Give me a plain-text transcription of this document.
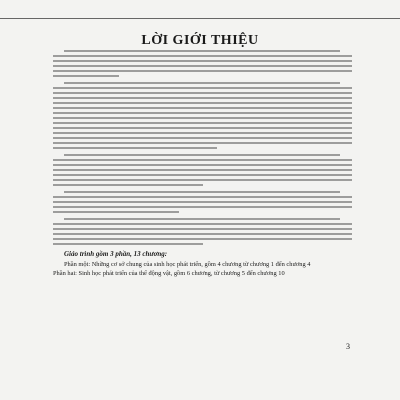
LỜI GIỚI THIỆU
Giáo trình gồm 3 phần, 13 chương:
Phần một: Những cơ sở chung của sinh học phát triển, gồm 4 chương từ chương 1 đến chương 4
Phần hai: Sinh học phát triển của thể động vật, gồm 6 chương, từ chương 5 đến chương 10
3
